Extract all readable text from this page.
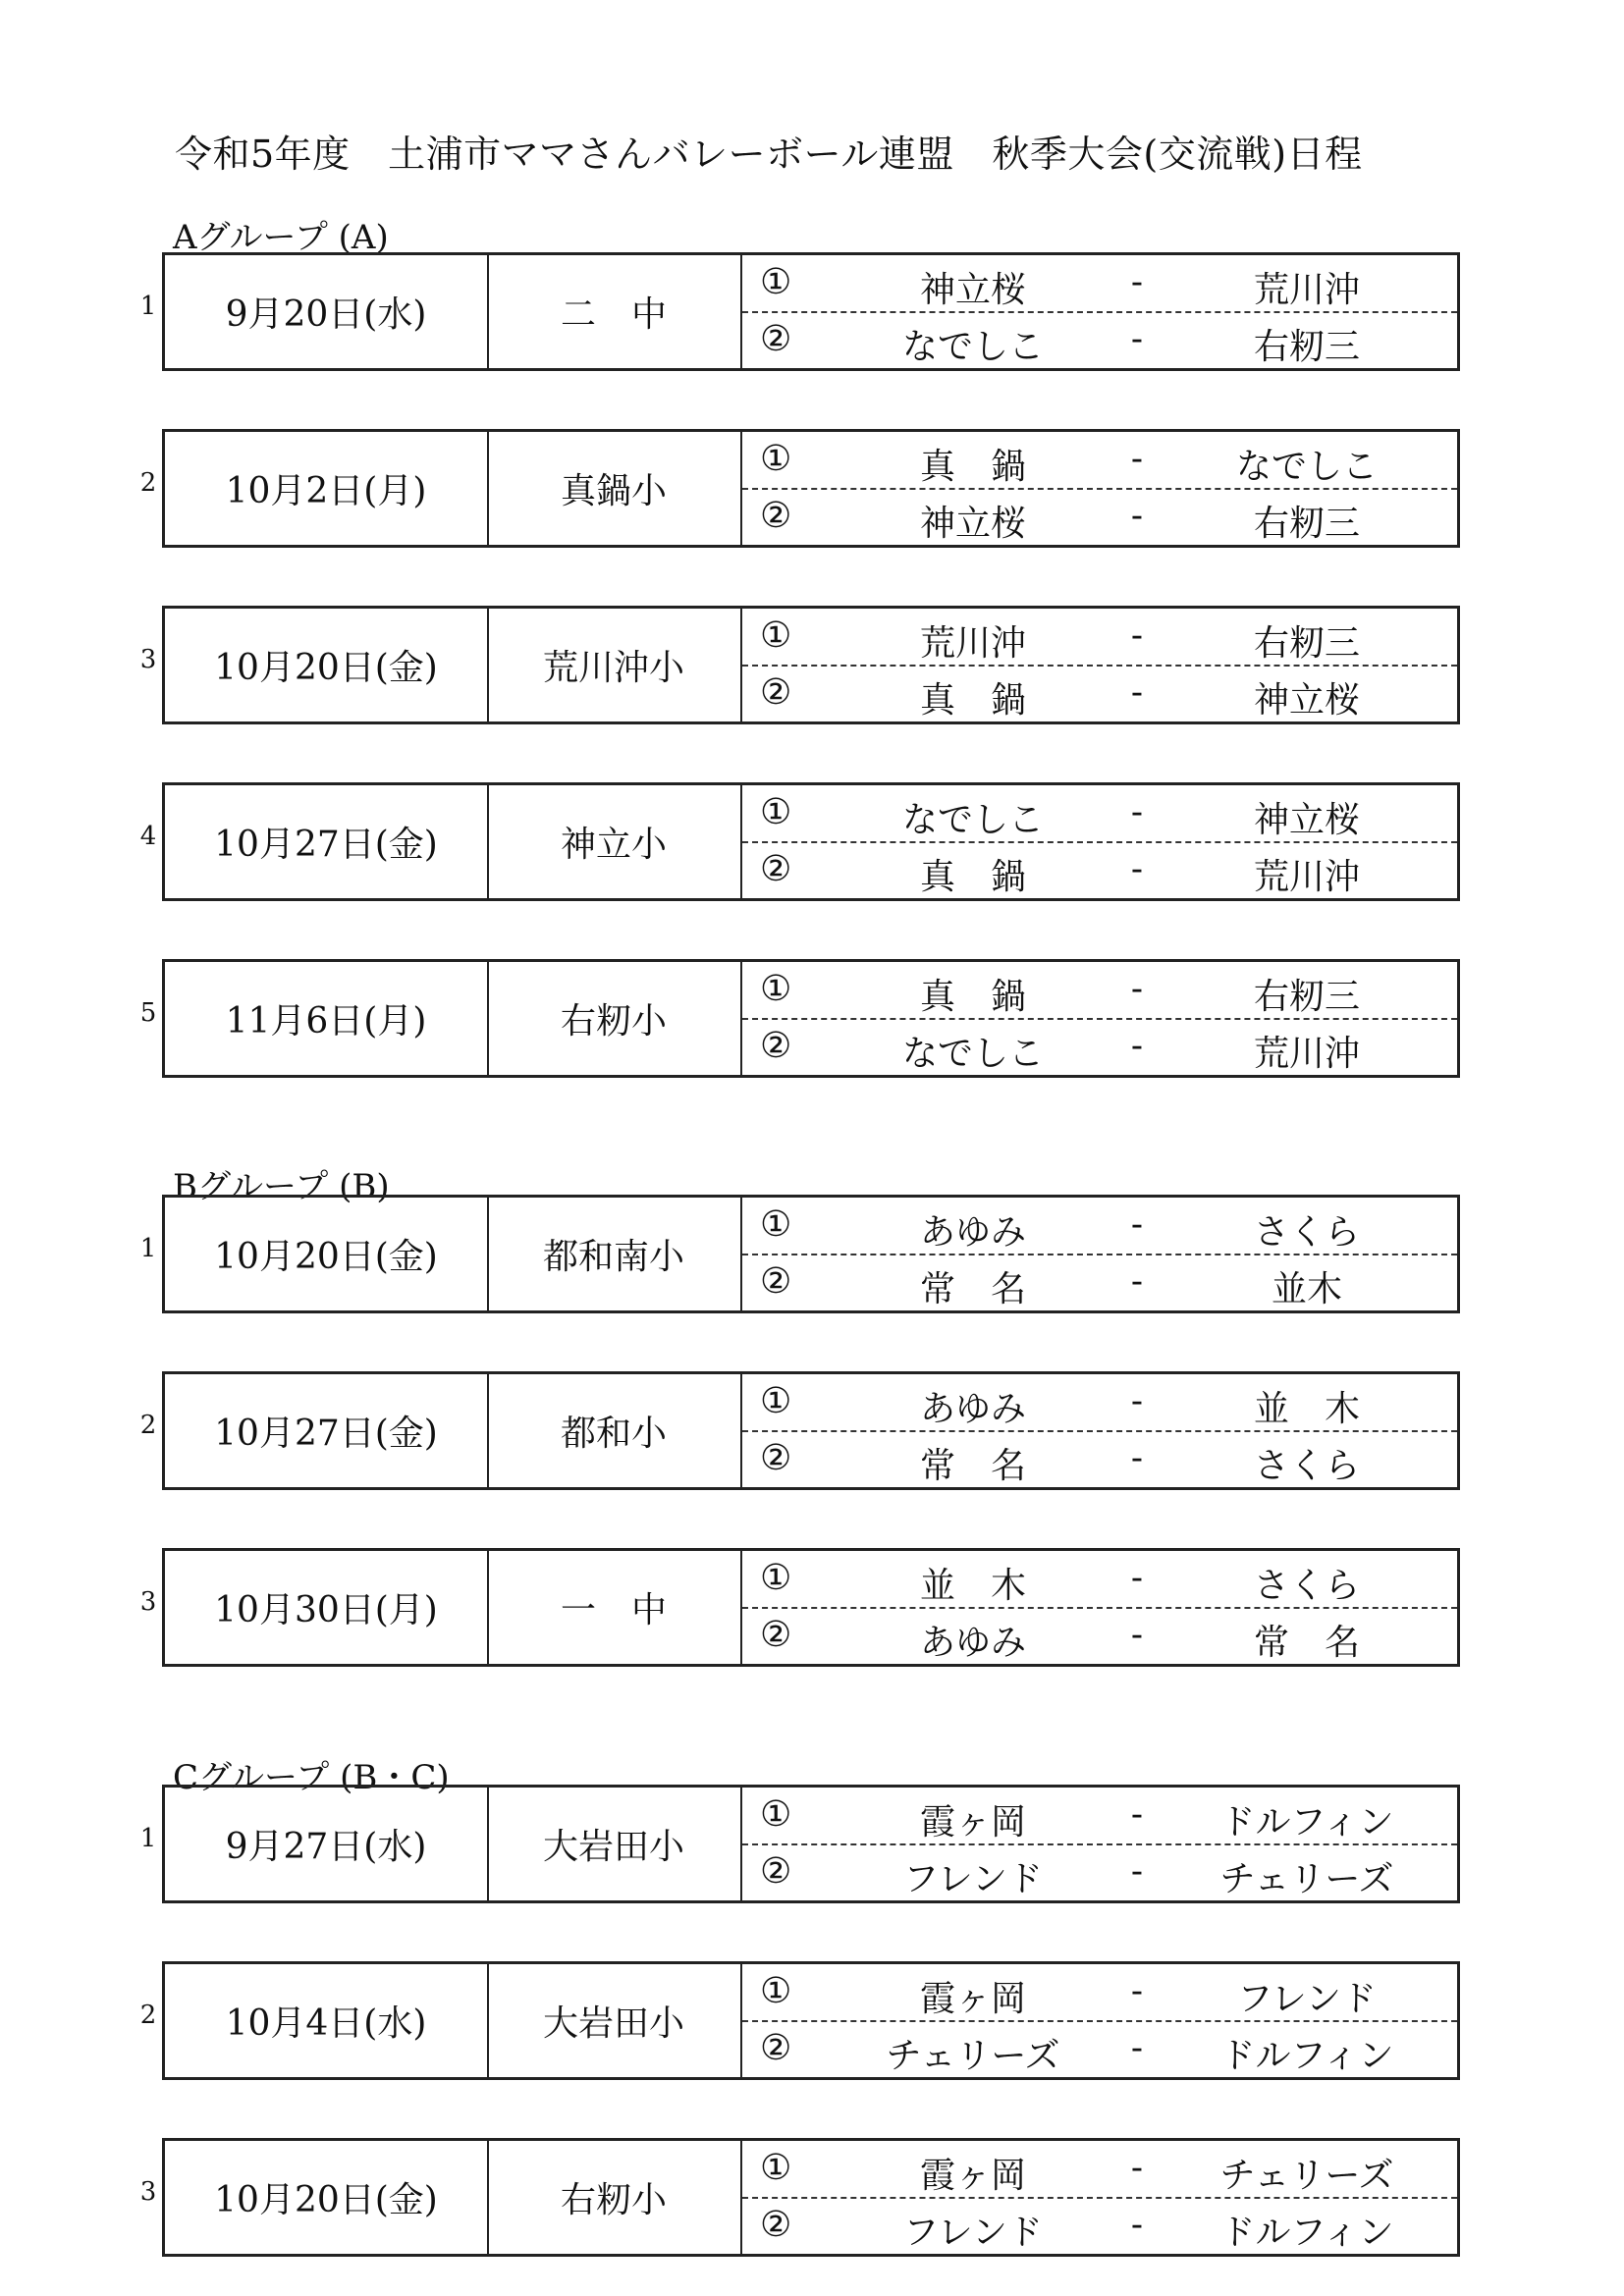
令和5年度　土浦市ママさんバレーボール連盟　秋季大会(交流戦)日程
Aグループ (A)
1	9月20日(水)	二　中
①	神立桜	-	荒川沖
②	なでしこ	-	右籾三
2	10月2日(月)	真鍋小
①	真　鍋	-	なでしこ
②	神立桜	-	右籾三
3	10月20日(金)	荒川沖小
①	荒川沖	-	右籾三
②	真　鍋	-	神立桜
4	10月27日(金)	神立小
①	なでしこ	-	神立桜
②	真　鍋	-	荒川沖
5	11月6日(月)	右籾小
①	真　鍋	-	右籾三
②	なでしこ	-	荒川沖
Bグループ (B)
1	10月20日(金)	都和南小
①	あゆみ	-	さくら
②	常　名	-	並木
2	10月27日(金)	都和小
①	あゆみ	-	並　木
②	常　名	-	さくら
3	10月30日(月)	一　中
①	並　木	-	さくら
②	あゆみ	-	常　名
Cグループ (B・C)
1	9月27日(水)	大岩田小
①	霞ヶ岡	-	ドルフィン
②	フレンド	-	チェリーズ
2	10月4日(水)	大岩田小
①	霞ヶ岡	-	フレンド
②	チェリーズ	-	ドルフィン
3	10月20日(金)	右籾小
①	霞ヶ岡	-	チェリーズ
②	フレンド	-	ドルフィン
